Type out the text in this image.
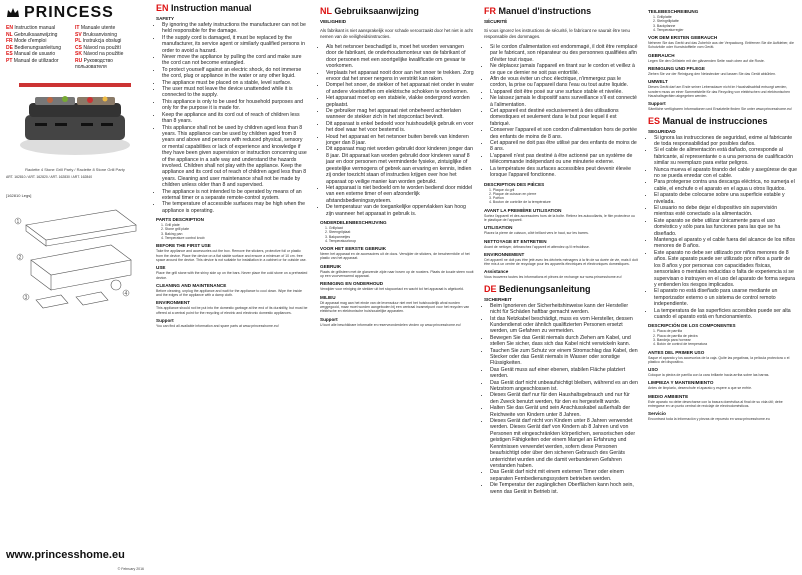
PRINCESS
EN Instruction manual	IT Manuale utente
NL Gebruiksaanwijzing	SV Bruksanvisning
FR Mode d'emploi	PL Instrukcja obsługi
DE Bedienungsanleitung	CS Návod na použití
ES Manual de usuario	SK Návod na použitie
PT Manual de utilizador	RU Руководство пользователя
Raclette 4 Stone Grill Party / Raclette 8 Stone Grill Party
ART. 162810 / ART. 162820 / ART. 162830 / ART. 162840
[162810 Legs]
1
2
3
4
www.princesshome.eu
© February 2016
EN Instruction manual
SAFETY
• By ignoring the safety instructions the manufacturer can not be held responsible for the damage.
• If the supply cord is damaged, it must be replaced by the manufacturer, its service agent or similarly qualified persons in order to avoid a hazard.
• Never move the appliance by pulling the cord and make sure the cord can not become entangled.
• To protect yourself against an electric shock, do not immerse the cord, plug or appliance in the water or any other liquid.
• The appliance must be placed on a stable, level surface.
• The user must not leave the device unattended while it is connected to the supply.
• This appliance is only to be used for household purposes and only for the purpose it is made for.
• Keep the appliance and its cord out of reach of children less than 8 years.
• This appliance shall not be used by children aged less than 8 years. This appliance can be used by children aged from 8 years and above and persons with reduced physical, sensory or mental capabilities or lack of experience and knowledge if they have been given supervision or instruction concerning use of the appliance in a safe way and understand the hazards involved. Children shall not play with the appliance. Keep the appliance and its cord out of reach of children aged less than 8 years. Cleaning and user maintenance shall not be made by children unless older than 8 and supervised.
• The appliance is not intended to be operated by means of an external timer or a separate remote-control system.
• The temperature of accessible surfaces may be high when the appliance is operating.
PARTS DESCRIPTION
1. Grill plate
2. Stone grill plate
3. Baking pan
4. Temperature control knob
BEFORE THE FIRST USE

Take the appliance and accessories out the box. Remove the stickers, protective foil or plastic from the device. Place the device on a flat stable surface and ensure a minimum of 10 cm. free space around the device. This device is not suitable for installation in a cabinet or for outside use.

USE

Place the grill stone with the shiny side up on the bars. Never place the cold stone on a preheated device.

CLEANING AND MAINTENANCE

Before cleaning, unplug the appliance and wait for the appliance to cool down. Wipe the inside and the edges of the appliance with a damp cloth.

ENVIRONMENT

This appliance should not be put into the domestic garbage at the end of its durability, but must be offered at a central point for the recycling of electric and electronic domestic appliances.

Support

You can find all available information and spare parts at www.princesshome.eu!

NL Gebruiksaanwijzing
VEILIGHEID

Als fabrikant is niet aansprakelijk voor schade veroorzaakt door het niet in acht nemen van de veiligheidsinstructies.

• Als het netsnoer beschadigd is, moet het worden vervangen door de fabrikant, de onderhoudsmonteur van de fabrikant of door personen met een soortgelijke kwalificatie om gevaar te voorkomen.
• Verplaats het apparaat nooit door aan het snoer te trekken. Zorg ervoor dat het snoer nergens in verstrikt kan raken.
• Dompel het snoer, de stekker of het apparaat niet onder in water of andere vloeistoffen om elektrische schokken te voorkomen.
• Het apparaat moet op een stabiele, vlakke ondergrond worden geplaatst.
• De gebruiker mag het apparaat niet onbeheerd achterlaten wanneer de stekker zich in het stopcontact bevindt.
• Dit apparaat is enkel bedoeld voor huishoudelijk gebruik en voor het doel waar het voor bestemd is.
• Houd het apparaat en het netsnoer buiten bereik van kinderen jonger dan 8 jaar.
• Dit apparaat mag niet worden gebruikt door kinderen jonger dan 8 jaar. Dit apparaat kan worden gebruikt door kinderen vanaf 8 jaar en door personen met verminderde fysieke, zintuiglijke of geestelijke vermogens of gebrek aan ervaring en kennis, indien zij onder toezicht staan of instructies krijgen over hoe het apparaat op veilige manier kan worden gebruikt.
• Het apparaat is niet bedoeld om te worden bediend door middel van een externe timer of een afzonderlijk afstandsbedieningssysteem.
• De temperatuur van de toegankelijke oppervlakken kan hoog zijn wanneer het apparaat in gebruik is.
ONDERDELENBESCHRIJVING
1. Grillplaat
2. Steengrilplaat
3. Bakpannetjes
4. Temperatuurknop
VOOR HET EERSTE GEBRUIK

Neem het apparaat en de accessoires uit de doos. Verwijder de stickers, de beschermfolie of het plastic van het apparaat.

GEBRUIK

Plaats de grillsteen met de glanzende zijde naar boven op de roosters. Plaats de koude steen nooit op een voorverwarmd apparaat.

REINIGING EN ONDERHOUD

Verwijder voor reiniging de stekker uit het stopcontact en wacht tot het apparaat is afgekoeld.

MILIEU

Dit apparaat mag aan het einde van de levensduur niet met het huishoudelijk afval worden weggegooid, maar moet worden aangeboden bij een centraal inzamelpunt voor het recyclen van elektrische en elektronische huishoudelijke apparaten.

Support

U kunt alle beschikbare informatie en reserveonderdelen vinden op www.princesshome.eu!

FR Manuel d'instructions
SÉCURITÉ

Si vous ignorez les instructions de sécurité, le fabricant ne saurait être tenu responsable des dommages.

• Si le cordon d'alimentation est endommagé, il doit être remplacé par le fabricant, son réparateur ou des personnes qualifiées afin d'éviter tout risque.
• Ne déplacez jamais l'appareil en tirant sur le cordon et veillez à ce que ce dernier ne soit pas entortillé.
• Afin de vous éviter un choc électrique, n'immergez pas le cordon, la prise ou l'appareil dans l'eau ou tout autre liquide.
• L'appareil doit être posé sur une surface stable et nivelée.
• Ne laissez jamais le dispositif sans surveillance s'il est connecté à l'alimentation.
• Cet appareil est destiné exclusivement à des utilisations domestiques et seulement dans le but pour lequel il est fabriqué.
• Conserver l'appareil et son cordon d'alimentation hors de portée des enfants de moins de 8 ans.
• Cet appareil ne doit pas être utilisé par des enfants de moins de 8 ans.
• L'appareil n'est pas destiné à être actionné par un système de télécommande indépendant ou une minuterie externe.
• La température des surfaces accessibles peut devenir élevée lorsque l'appareil fonctionne.
DESCRIPTION DES PIÈCES
1. Plaque du gril
2. Plaque de cuisson en pierre
3. Poêlon
4. Bouton de contrôle de la température
AVANT LA PREMIÈRE UTILISATION

Sortez l'appareil et des accessoires hors de la boîte. Retirez les autocollants, le film protecteur ou le plastique de l'appareil.

UTILISATION

Placez la pierre de cuisson, côté brillant vers le haut, sur les barres.

NETTOYAGE ET ENTRETIEN

Avant de nettoyer, débranchez l'appareil et attendez qu'il refroidisse.

ENVIRONNEMENT

Cet appareil ne doit pas être jeté avec les déchets ménagers à la fin de sa durée de vie, mais il doit être mis à un centre de recyclage pour les appareils électriques et électroniques domestiques.

Assistance

Vous trouverez toutes les informations et pièces de rechange sur www.princesshome.eu!

DE Bedienungsanleitung
SICHERHEIT
• Beim Ignorieren der Sicherheitshinweise kann der Hersteller nicht für Schäden haftbar gemacht werden.
• Ist das Netzkabel beschädigt, muss es vom Hersteller, dessen Kundendienst oder ähnlich qualifizierten Personen ersetzt werden, um Gefahren zu vermeiden.
• Bewegen Sie das Gerät niemals durch Ziehen am Kabel, und stellen Sie sicher, dass sich das Kabel nicht verwickeln kann.
• Tauchen Sie zum Schutz vor einem Stromschlag das Kabel, den Stecker oder das Gerät niemals in Wasser oder sonstige Flüssigkeiten.
• Das Gerät muss auf einer ebenen, stabilen Fläche platziert werden.
• Das Gerät darf nicht unbeaufsichtigt bleiben, während es an den Netzstrom angeschlossen ist.
• Dieses Gerät darf nur für den Haushaltsgebrauch und nur für den Zweck benutzt werden, für den es hergestellt wurde.
• Halten Sie das Gerät und sein Anschlusskabel außerhalb der Reichweite von Kindern unter 8 Jahren.
• Dieses Gerät darf nicht von Kindern unter 8 Jahren verwendet werden. Dieses Gerät darf von Kindern ab 8 Jahren und von Personen mit eingeschränkten körperlichen, sensorischen oder geistigen Fähigkeiten oder einem Mangel an Erfahrung und Kenntnissen verwendet werden, sofern diese Personen beaufsichtigt oder über den sicheren Gebrauch des Geräts unterrichtet wurden und die damit verbundenen Gefahren verstanden haben.
• Das Gerät darf nicht mit einem externen Timer oder einem separaten Fernbedienungssystem betrieben werden.
• Die Temperatur der zugänglichen Oberflächen kann hoch sein, wenn das Gerät in Betrieb ist.
TEILEBESCHREIBUNG
1. Grillplatte
2. Steingrillplatte
3. Backpfanne
4. Temperaturregler
VOR DEM ERSTEN GEBRAUCH

Nehmen Sie das Gerät und das Zubehör aus der Verpackung. Entfernen Sie die Aufkleber, die Schutzfolie oder Kunststoffteile vom Gerät.

GEBRAUCH

Legen Sie den Grillstein mit der glänzenden Seite nach oben auf die Roste.

REINIGUNG UND PFLEGE

Ziehen Sie vor der Reinigung den Netzstecker und lassen Sie das Gerät abkühlen.

UMWELT

Dieses Gerät darf am Ende seiner Lebensdauer nicht im Haushaltsabfall entsorgt werden, sondern muss an einer Sammelstelle für das Recycling von elektrischen und elektronischen Haushaltsgeräten abgegeben werden.

Support

Sämtliche verfügbaren Informationen und Ersatzteile finden Sie unter www.princesshome.eu!

ES Manual de instrucciones
SEGURIDAD
• Si ignora las instrucciones de seguridad, exime al fabricante de toda responsabilidad por posibles daños.
• Si el cable de alimentación está dañado, corresponde al fabricante, al representante o a una persona de cualificación similar su reemplazo para evitar peligros.
• Nunca mueva el aparato tirando del cable y asegúrese de que no se pueda enredar con el cable.
• Para protegerse contra una descarga eléctrica, no sumerja el cable, el enchufe o el aparato en el agua u otros líquidos.
• El aparato debe colocarse sobre una superficie estable y nivelada.
• El usuario no debe dejar el dispositivo sin supervisión mientras esté conectado a la alimentación.
• Este aparato se debe utilizar únicamente para el uso doméstico y sólo para las funciones para las que se ha diseñado.
• Mantenga el aparato y el cable fuera del alcance de los niños menores de 8 años.
• Este aparato no debe ser utilizado por niños menores de 8 años. Este aparato puede ser utilizado por niños a partir de los 8 años y por personas con capacidades físicas, sensoriales o mentales reducidas o falta de experiencia si se supervisan o instruyen en el uso del aparato de forma segura y entienden los riesgos implicados.
• El aparato no está diseñado para usarse mediante un temporizador externo o un sistema de control remoto independiente.
• La temperatura de las superficies accesibles puede ser alta cuando el aparato está en funcionamiento.
DESCRIPCIÓN DE LOS COMPONENTES
1. Placa de parrilla
2. Placa de parrilla de piedra
3. Bandeja para hornear
4. Botón de control de temperatura
ANTES DEL PRIMER USO

Saque el aparato y los accesorios de la caja. Quite las pegatinas, la película protectora o el plástico del dispositivo.

USO

Coloque la piedra de parrilla con la cara brillante hacia arriba sobre las barras.

LIMPIEZA Y MANTENIMIENTO

Antes de limpiarlo, desenchufe el aparato y espere a que se enfríe.

MEDIO AMBIENTE

Este aparato no debe desecharse con la basura doméstica al final de su vida útil; debe entregarse en un punto central de reciclaje de electrodomésticos.

Servicio

Encontrará toda la información y piezas de repuesto en www.princesshome.eu
